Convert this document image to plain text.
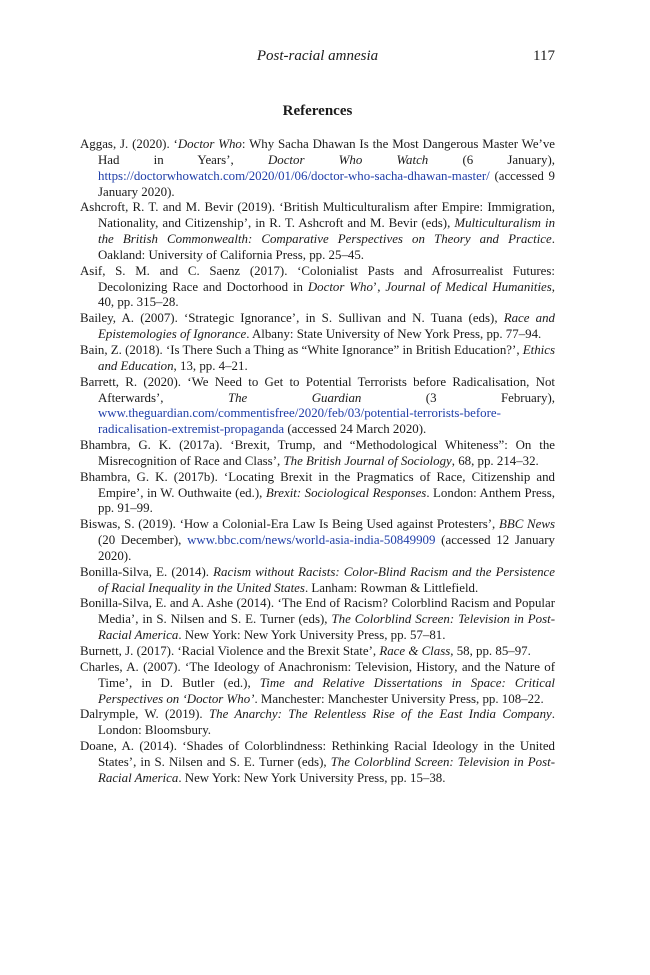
Post-racial amnesia	117
References
Aggas, J. (2020). ‘Doctor Who: Why Sacha Dhawan Is the Most Dangerous Master We’ve Had in Years’, Doctor Who Watch (6 January), https://doctorwhowatch.com/2020/01/06/doctor-who-sacha-dhawan-master/ (accessed 9 January 2020).
Ashcroft, R. T. and M. Bevir (2019). ‘British Multiculturalism after Empire: Immigration, Nationality, and Citizenship’, in R. T. Ashcroft and M. Bevir (eds), Multiculturalism in the British Commonwealth: Comparative Perspectives on Theory and Practice. Oakland: University of California Press, pp. 25–45.
Asif, S. M. and C. Saenz (2017). ‘Colonialist Pasts and Afrosurrealist Futures: Decolonizing Race and Doctorhood in Doctor Who’, Journal of Medical Humanities, 40, pp. 315–28.
Bailey, A. (2007). ‘Strategic Ignorance’, in S. Sullivan and N. Tuana (eds), Race and Epistemologies of Ignorance. Albany: State University of New York Press, pp. 77–94.
Bain, Z. (2018). ‘Is There Such a Thing as “White Ignorance” in British Education?’, Ethics and Education, 13, pp. 4–21.
Barrett, R. (2020). ‘We Need to Get to Potential Terrorists before Radicalisation, Not Afterwards’, The Guardian (3 February), www.theguardian.com/commentisfree/2020/feb/03/potential-terrorists-before-radicalisation-extremist-propaganda (accessed 24 March 2020).
Bhambra, G. K. (2017a). ‘Brexit, Trump, and “Methodological Whiteness”: On the Misrecognition of Race and Class’, The British Journal of Sociology, 68, pp. 214–32.
Bhambra, G. K. (2017b). ‘Locating Brexit in the Pragmatics of Race, Citizenship and Empire’, in W. Outhwaite (ed.), Brexit: Sociological Responses. London: Anthem Press, pp. 91–99.
Biswas, S. (2019). ‘How a Colonial-Era Law Is Being Used against Protesters’, BBC News (20 December), www.bbc.com/news/world-asia-india-50849909 (accessed 12 January 2020).
Bonilla-Silva, E. (2014). Racism without Racists: Color-Blind Racism and the Persistence of Racial Inequality in the United States. Lanham: Rowman & Littlefield.
Bonilla-Silva, E. and A. Ashe (2014). ‘The End of Racism? Colorblind Racism and Popular Media’, in S. Nilsen and S. E. Turner (eds), The Colorblind Screen: Television in Post-Racial America. New York: New York University Press, pp. 57–81.
Burnett, J. (2017). ‘Racial Violence and the Brexit State’, Race & Class, 58, pp. 85–97.
Charles, A. (2007). ‘The Ideology of Anachronism: Television, History, and the Nature of Time’, in D. Butler (ed.), Time and Relative Dissertations in Space: Critical Perspectives on ‘Doctor Who’. Manchester: Manchester University Press, pp. 108–22.
Dalrymple, W. (2019). The Anarchy: The Relentless Rise of the East India Company. London: Bloomsbury.
Doane, A. (2014). ‘Shades of Colorblindness: Rethinking Racial Ideology in the United States’, in S. Nilsen and S. E. Turner (eds), The Colorblind Screen: Television in Post-Racial America. New York: New York University Press, pp. 15–38.
